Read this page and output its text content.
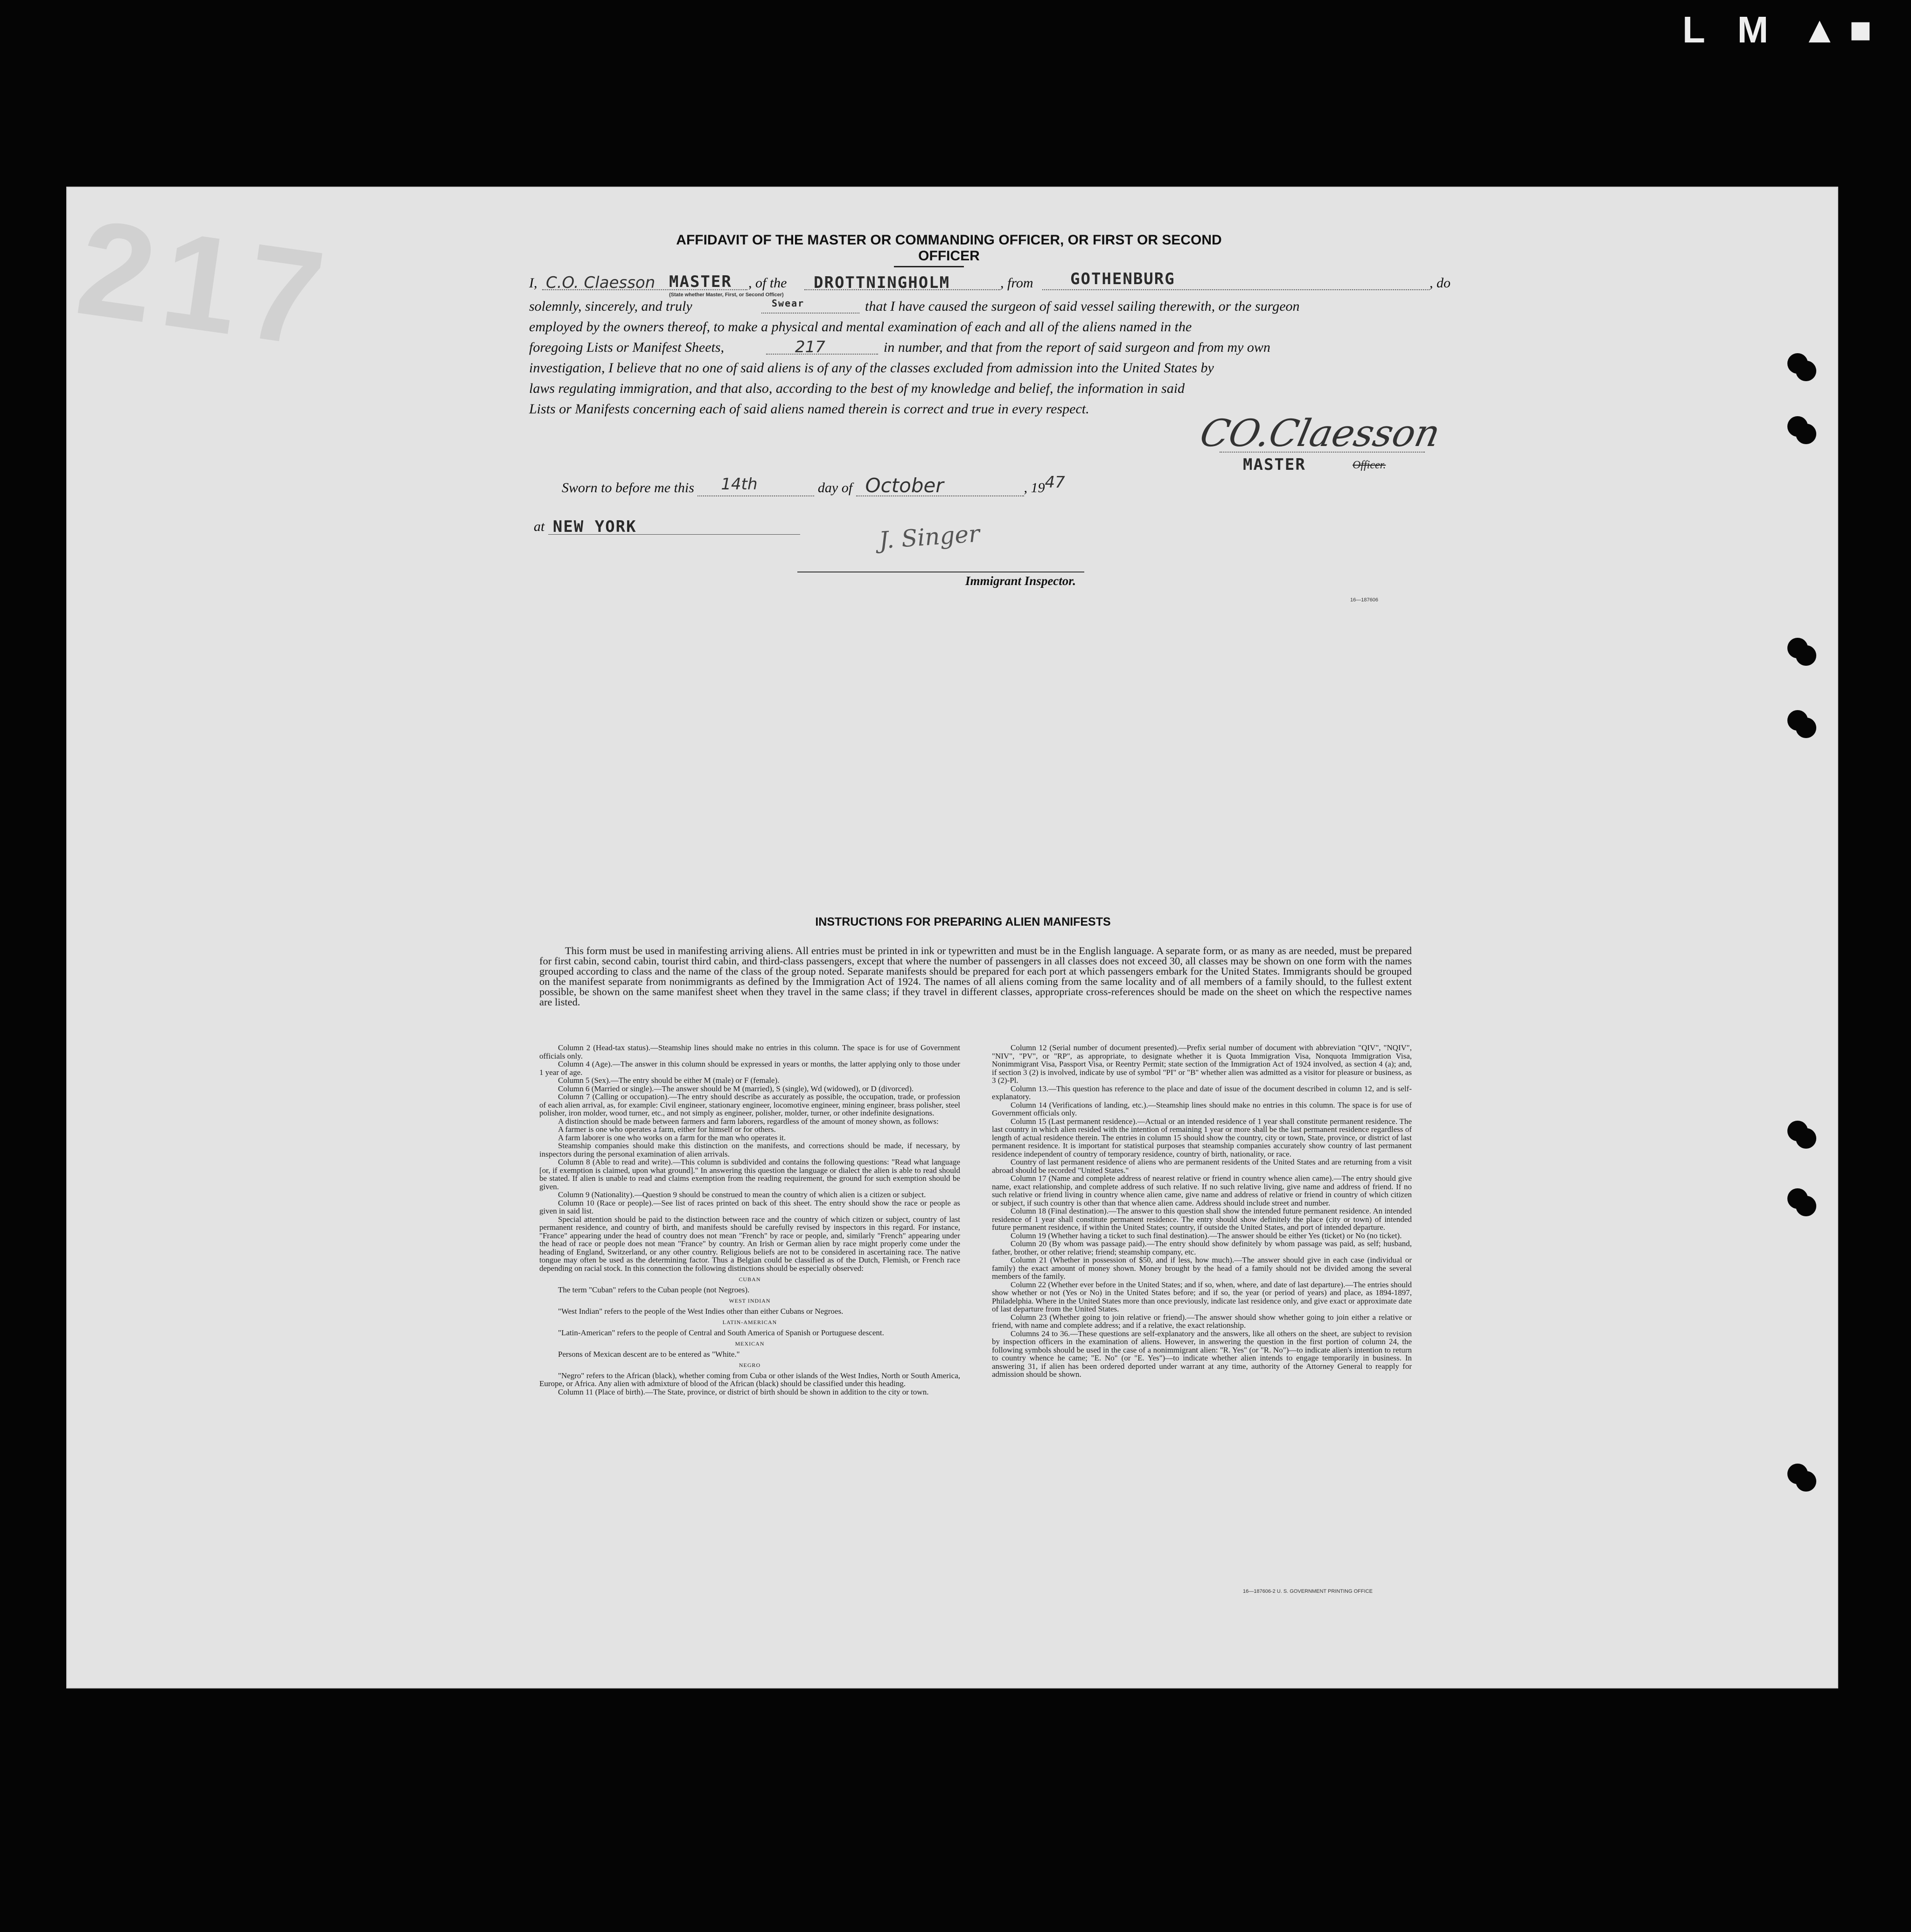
L M ▲■
217	AFFIDAVIT OF THE MASTER OR COMMANDING OFFICER, OR FIRST OR SECOND OFFICER
I, C.O. Claesson MASTER , of the DROTTNINGHOLM	, from GOTHENBURG	, do
(State whether Master, First, or Second Officer)
solemnly, sincerely, and truly	Swear	that I have caused the surgeon of said vessel sailing therewith, or the surgeon
employed by the owners thereof, to make a physical and mental examination of each and all of the aliens named in the
foregoing Lists or Manifest Sheets,	217	in number, and that from the report of said surgeon and from my own
investigation, I believe that no one of said aliens is of any of the classes excluded from admission into the United States by
laws regulating immigration, and that also, according to the best of my knowledge and belief, the information in said
Lists or Manifests concerning each of said aliens named therein is correct and true in every respect.
CO.Claesson
MASTER	Officer.
Sworn to before me this 14th	day of October	, 1947
at NEW YORK	J. Singer
Immigrant Inspector.
16—187606
INSTRUCTIONS FOR PREPARING ALIEN MANIFESTS
This form must be used in manifesting arriving aliens. All entries must be printed in ink or typewritten and must be in the English language. A separate form, or as many as are needed, must be prepared for first cabin, second cabin, tourist third cabin, and third-class passengers, except that where the number of passengers in all classes does not exceed 30, all classes may be shown on one form with the names grouped according to class and the name of the class of the group noted. Separate manifests should be prepared for each port at which passengers embark for the United States. Immigrants should be grouped on the manifest separate from nonimmigrants as defined by the Immigration Act of 1924. The names of all aliens coming from the same locality and of all members of a family should, to the fullest extent possible, be shown on the same manifest sheet when they travel in the same class; if they travel in different classes, appropriate cross-references should be made on the sheet on which the respective names are listed.

Column 2 (Head-tax status).—Steamship lines should make no entries in this column. The space is for use of Government officials only.

Column 4 (Age).—The answer in this column should be expressed in years or months, the latter applying only to those under 1 year of age.

Column 5 (Sex).—The entry should be either M (male) or F (female).

Column 6 (Married or single).—The answer should be M (married), S (single), Wd (widowed), or D (divorced).

Column 7 (Calling or occupation).—The entry should describe as accurately as possible, the occupation, trade, or profession of each alien arrival, as, for example: Civil engineer, stationary engineer, locomotive engineer, mining engineer, brass polisher, steel polisher, iron molder, wood turner, etc., and not simply as engineer, polisher, molder, turner, or other indefinite designations.

A distinction should be made between farmers and farm laborers, regardless of the amount of money shown, as follows:

A farmer is one who operates a farm, either for himself or for others.

A farm laborer is one who works on a farm for the man who operates it.

Steamship companies should make this distinction on the manifests, and corrections should be made, if necessary, by inspectors during the personal examination of alien arrivals.

Column 8 (Able to read and write).—This column is subdivided and contains the following questions: "Read what language [or, if exemption is claimed, upon what ground]." In answering this question the language or dialect the alien is able to read should be stated. If alien is unable to read and claims exemption from the reading requirement, the ground for such exemption should be given.

Column 9 (Nationality).—Question 9 should be construed to mean the country of which alien is a citizen or subject.

Column 10 (Race or people).—See list of races printed on back of this sheet. The entry should show the race or people as given in said list.

Special attention should be paid to the distinction between race and the country of which citizen or subject, country of last permanent residence, and country of birth, and manifests should be carefully revised by inspectors in this regard. For instance, "France" appearing under the head of country does not mean "French" by race or people, and, similarly "French" appearing under the head of race or people does not mean "France" by country. An Irish or German alien by race might properly come under the heading of England, Switzerland, or any other country. Religious beliefs are not to be considered in ascertaining race. The native tongue may often be used as the determining factor. Thus a Belgian could be classified as of the Dutch, Flemish, or French race depending on racial stock. In this connection the following distinctions should be especially observed:

CUBAN

The term "Cuban" refers to the Cuban people (not Negroes).

WEST INDIAN

"West Indian" refers to the people of the West Indies other than either Cubans or Negroes.

LATIN-AMERICAN

"Latin-American" refers to the people of Central and South America of Spanish or Portuguese descent.

MEXICAN

Persons of Mexican descent are to be entered as "White."

NEGRO

"Negro" refers to the African (black), whether coming from Cuba or other islands of the West Indies, North or South America, Europe, or Africa. Any alien with admixture of blood of the African (black) should be classified under this heading.

Column 11 (Place of birth).—The State, province, or district of birth should be shown in addition to the city or town.

Column 12 (Serial number of document presented).—Prefix serial number of document with abbreviation "QIV", "NQIV", "NIV", "PV", or "RP", as appropriate, to designate whether it is Quota Immigration Visa, Nonquota Immigration Visa, Nonimmigrant Visa, Passport Visa, or Reentry Permit; state section of the Immigration Act of 1924 involved, as section 4 (a); and, if section 3 (2) is involved, indicate by use of symbol "PI" or "B" whether alien was admitted as a visitor for pleasure or business, as 3 (2)-Pl.

Column 13.—This question has reference to the place and date of issue of the document described in column 12, and is self-explanatory.

Column 14 (Verifications of landing, etc.).—Steamship lines should make no entries in this column. The space is for use of Government officials only.

Column 15 (Last permanent residence).—Actual or an intended residence of 1 year shall constitute permanent residence. The last country in which alien resided with the intention of remaining 1 year or more shall be the last permanent residence regardless of length of actual residence therein. The entries in column 15 should show the country, city or town, State, province, or district of last permanent residence. It is important for statistical purposes that steamship companies accurately show country of last permanent residence independent of country of temporary residence, country of birth, nationality, or race.

Country of last permanent residence of aliens who are permanent residents of the United States and are returning from a visit abroad should be recorded "United States."

Column 17 (Name and complete address of nearest relative or friend in country whence alien came).—The entry should give name, exact relationship, and complete address of such relative. If no such relative living, give name and address of friend. If no such relative or friend living in country whence alien came, give name and address of relative or friend in country of which citizen or subject, if such country is other than that whence alien came. Address should include street and number.

Column 18 (Final destination).—The answer to this question shall show the intended future permanent residence. An intended residence of 1 year shall constitute permanent residence. The entry should show definitely the place (city or town) of intended future permanent residence, if within the United States; country, if outside the United States, and port of intended departure.

Column 19 (Whether having a ticket to such final destination).—The answer should be either Yes (ticket) or No (no ticket).

Column 20 (By whom was passage paid).—The entry should show definitely by whom passage was paid, as self; husband, father, brother, or other relative; friend; steamship company, etc.

Column 21 (Whether in possession of $50, and if less, how much).—The answer should give in each case (individual or family) the exact amount of money shown. Money brought by the head of a family should not be divided among the several members of the family.

Column 22 (Whether ever before in the United States; and if so, when, where, and date of last departure).—The entries should show whether or not (Yes or No) in the United States before; and if so, the year (or period of years) and place, as 1894-1897, Philadelphia. Where in the United States more than once previously, indicate last residence only, and give exact or approximate date of last departure from the United States.

Column 23 (Whether going to join relative or friend).—The answer should show whether going to join either a relative or friend, with name and complete address; and if a relative, the exact relationship.

Columns 24 to 36.—These questions are self-explanatory and the answers, like all others on the sheet, are subject to revision by inspection officers in the examination of aliens. However, in answering the question in the first portion of column 24, the following symbols should be used in the case of a nonimmigrant alien: "R. Yes" (or "R. No")—to indicate alien's intention to return to country whence he came; "E. No" (or "E. Yes")—to indicate whether alien intends to engage temporarily in business. In answering 31, if alien has been ordered deported under warrant at any time, authority of the Attorney General to reapply for admission should be shown.

16—187606-2 U. S. GOVERNMENT PRINTING OFFICE
